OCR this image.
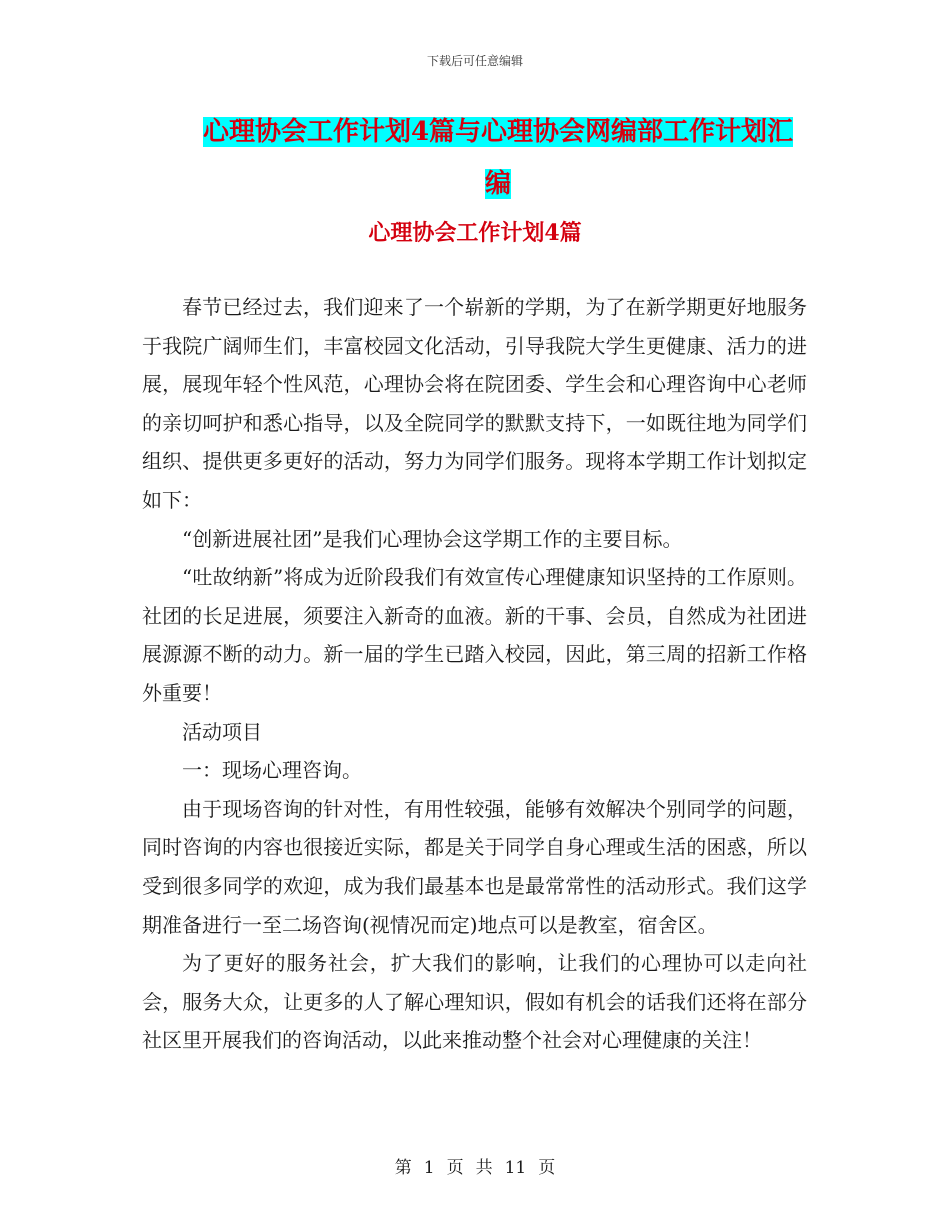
下载后可任意编辑
心理协会工作计划4篇与心理协会网编部工作计划汇编
心理协会工作计划4篇

春节已经过去，我们迎来了一个崭新的学期，为了在新学期更好地服务于我院广阔师生们，丰富校园文化活动，引导我院大学生更健康、活力的进展，展现年轻个性风范，心理协会将在院团委、学生会和心理咨询中心老师的亲切呵护和悉心指导，以及全院同学的默默支持下，一如既往地为同学们组织、提供更多更好的活动，努力为同学们服务。现将本学期工作计划拟定如下：

“创新进展社团”是我们心理协会这学期工作的主要目标。

“吐故纳新”将成为近阶段我们有效宣传心理健康知识坚持的工作原则。社团的长足进展，须要注入新奇的血液。新的干事、会员，自然成为社团进展源源不断的动力。新一届的学生已踏入校园，因此，第三周的招新工作格外重要！

活动项目

一：现场心理咨询。

由于现场咨询的针对性，有用性较强，能够有效解决个别同学的问题，同时咨询的内容也很接近实际，都是关于同学自身心理或生活的困惑，所以受到很多同学的欢迎，成为我们最基本也是最常常性的活动形式。我们这学期准备进行一至二场咨询(视情况而定)地点可以是教室，宿舍区。

为了更好的服务社会，扩大我们的影响，让我们的心理协可以走向社会，服务大众，让更多的人了解心理知识，假如有机会的话我们还将在部分社区里开展我们的咨询活动，以此来推动整个社会对心理健康的关注！

第 1 页 共 11 页
